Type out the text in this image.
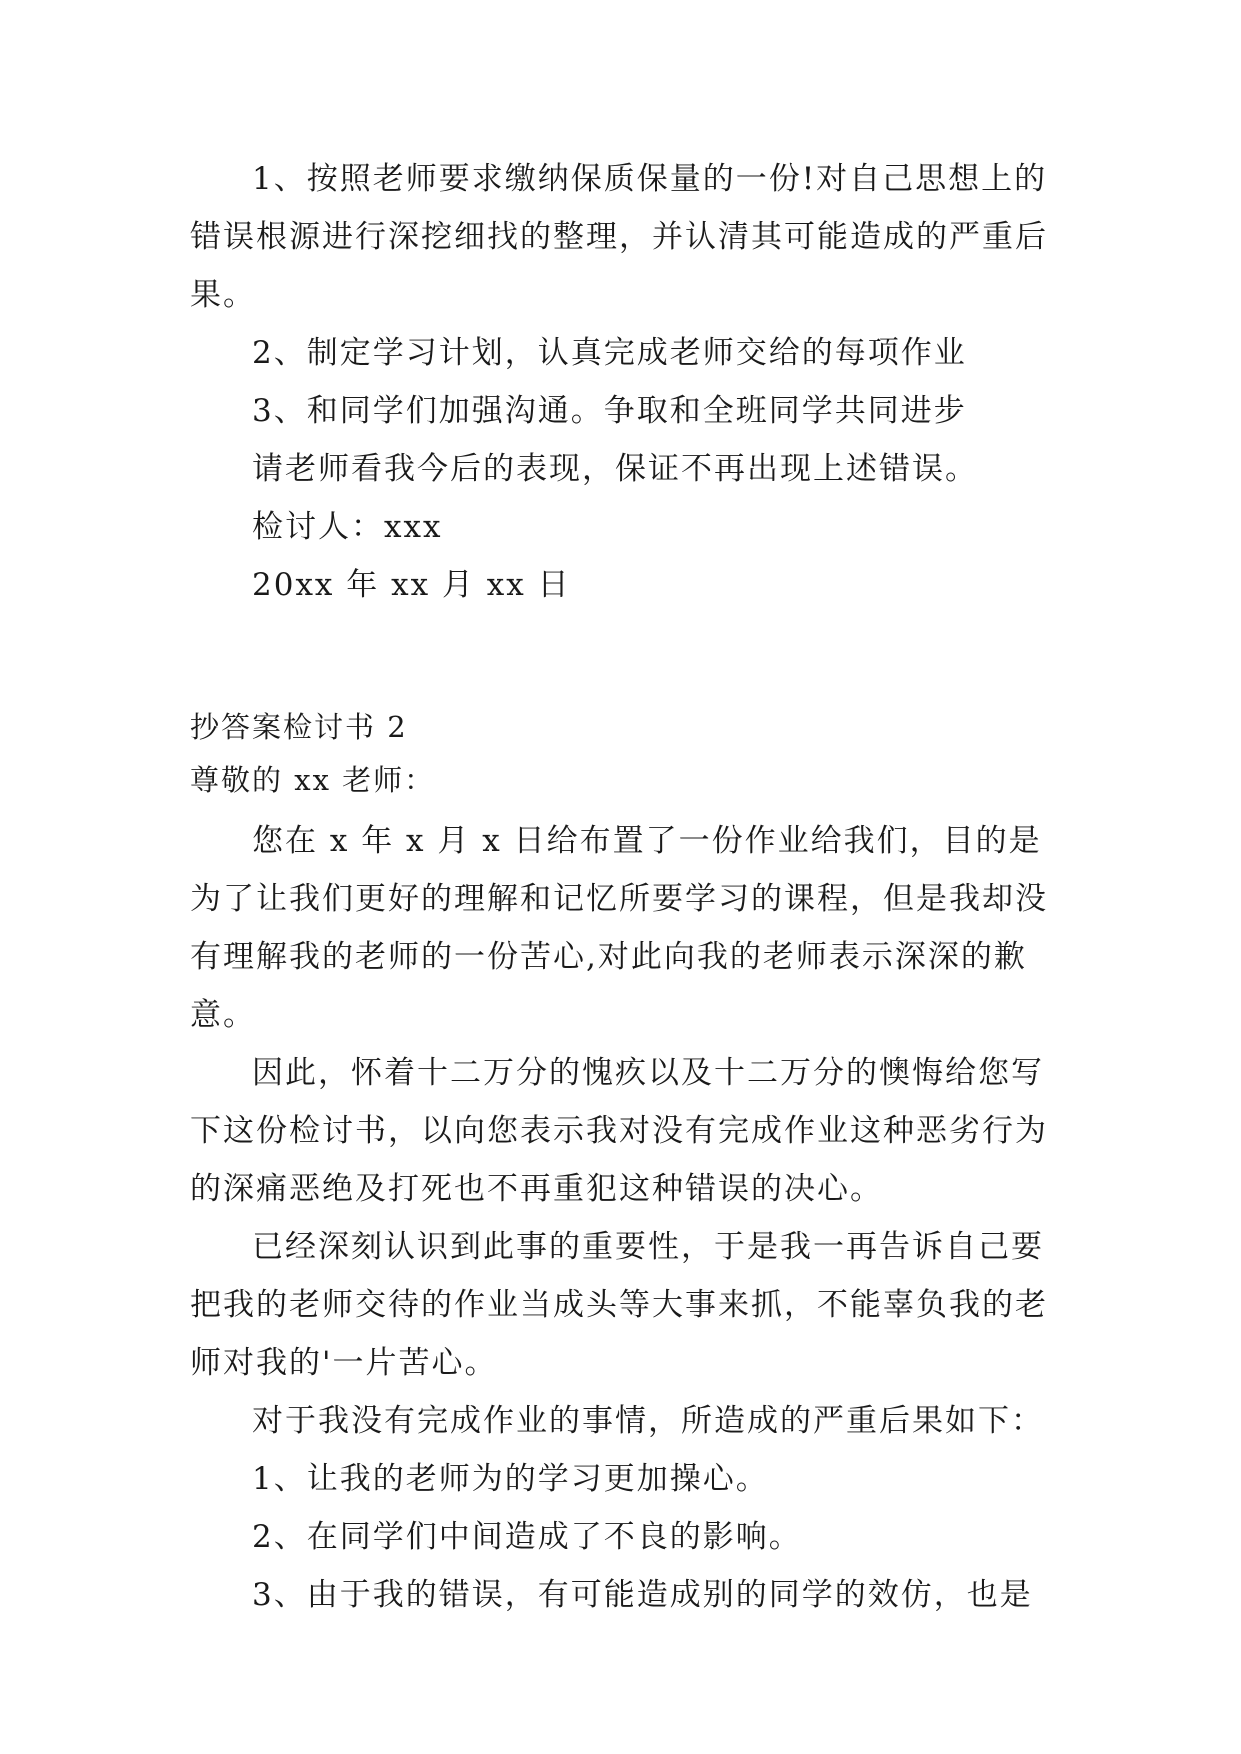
1、按照老师要求缴纳保质保量的一份!对自己思想上的错误根源进行深挖细找的整理，并认清其可能造成的严重后果。

2、制定学习计划，认真完成老师交给的每项作业

3、和同学们加强沟通。争取和全班同学共同进步

请老师看我今后的表现，保证不再出现上述错误。

检讨人：xxx

20xx 年 xx 月 xx 日

抄答案检讨书 2

尊敬的 xx 老师：

您在 x 年 x 月 x 日给布置了一份作业给我们，目的是为了让我们更好的理解和记忆所要学习的课程，但是我却没有理解我的老师的一份苦心,对此向我的老师表示深深的歉意。

因此，怀着十二万分的愧疚以及十二万分的懊悔给您写下这份检讨书，以向您表示我对没有完成作业这种恶劣行为的深痛恶绝及打死也不再重犯这种错误的决心。

已经深刻认识到此事的重要性，于是我一再告诉自己要把我的老师交待的作业当成头等大事来抓，不能辜负我的老师对我的'一片苦心。

对于我没有完成作业的事情，所造成的严重后果如下：

1、让我的老师为的学习更加操心。

2、在同学们中间造成了不良的影响。

3、由于我的错误，有可能造成别的同学的效仿，也是
